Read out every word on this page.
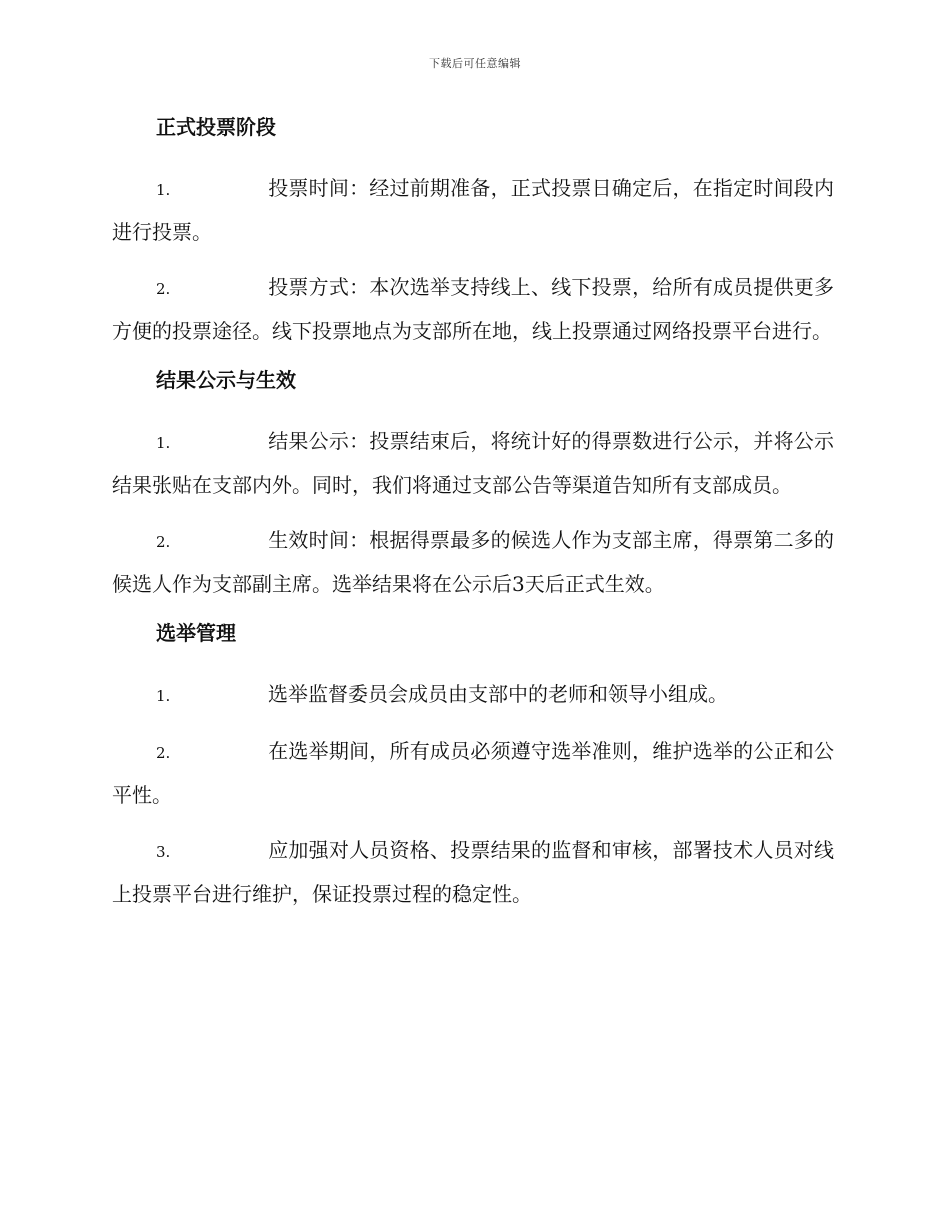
下载后可任意编辑
正式投票阶段

1.	投票时间：经过前期准备，正式投票日确定后，在指定时间段内进行投票。

2.	投票方式：本次选举支持线上、线下投票，给所有成员提供更多方便的投票途径。线下投票地点为支部所在地，线上投票通过网络投票平台进行。

结果公示与生效

1.	结果公示：投票结束后，将统计好的得票数进行公示，并将公示结果张贴在支部内外。同时，我们将通过支部公告等渠道告知所有支部成员。

2.	生效时间：根据得票最多的候选人作为支部主席，得票第二多的候选人作为支部副主席。选举结果将在公示后3天后正式生效。

选举管理

1.	选举监督委员会成员由支部中的老师和领导小组成。

2.	在选举期间，所有成员必须遵守选举准则，维护选举的公正和公平性。

3.	应加强对人员资格、投票结果的监督和审核，部署技术人员对线上投票平台进行维护，保证投票过程的稳定性。
